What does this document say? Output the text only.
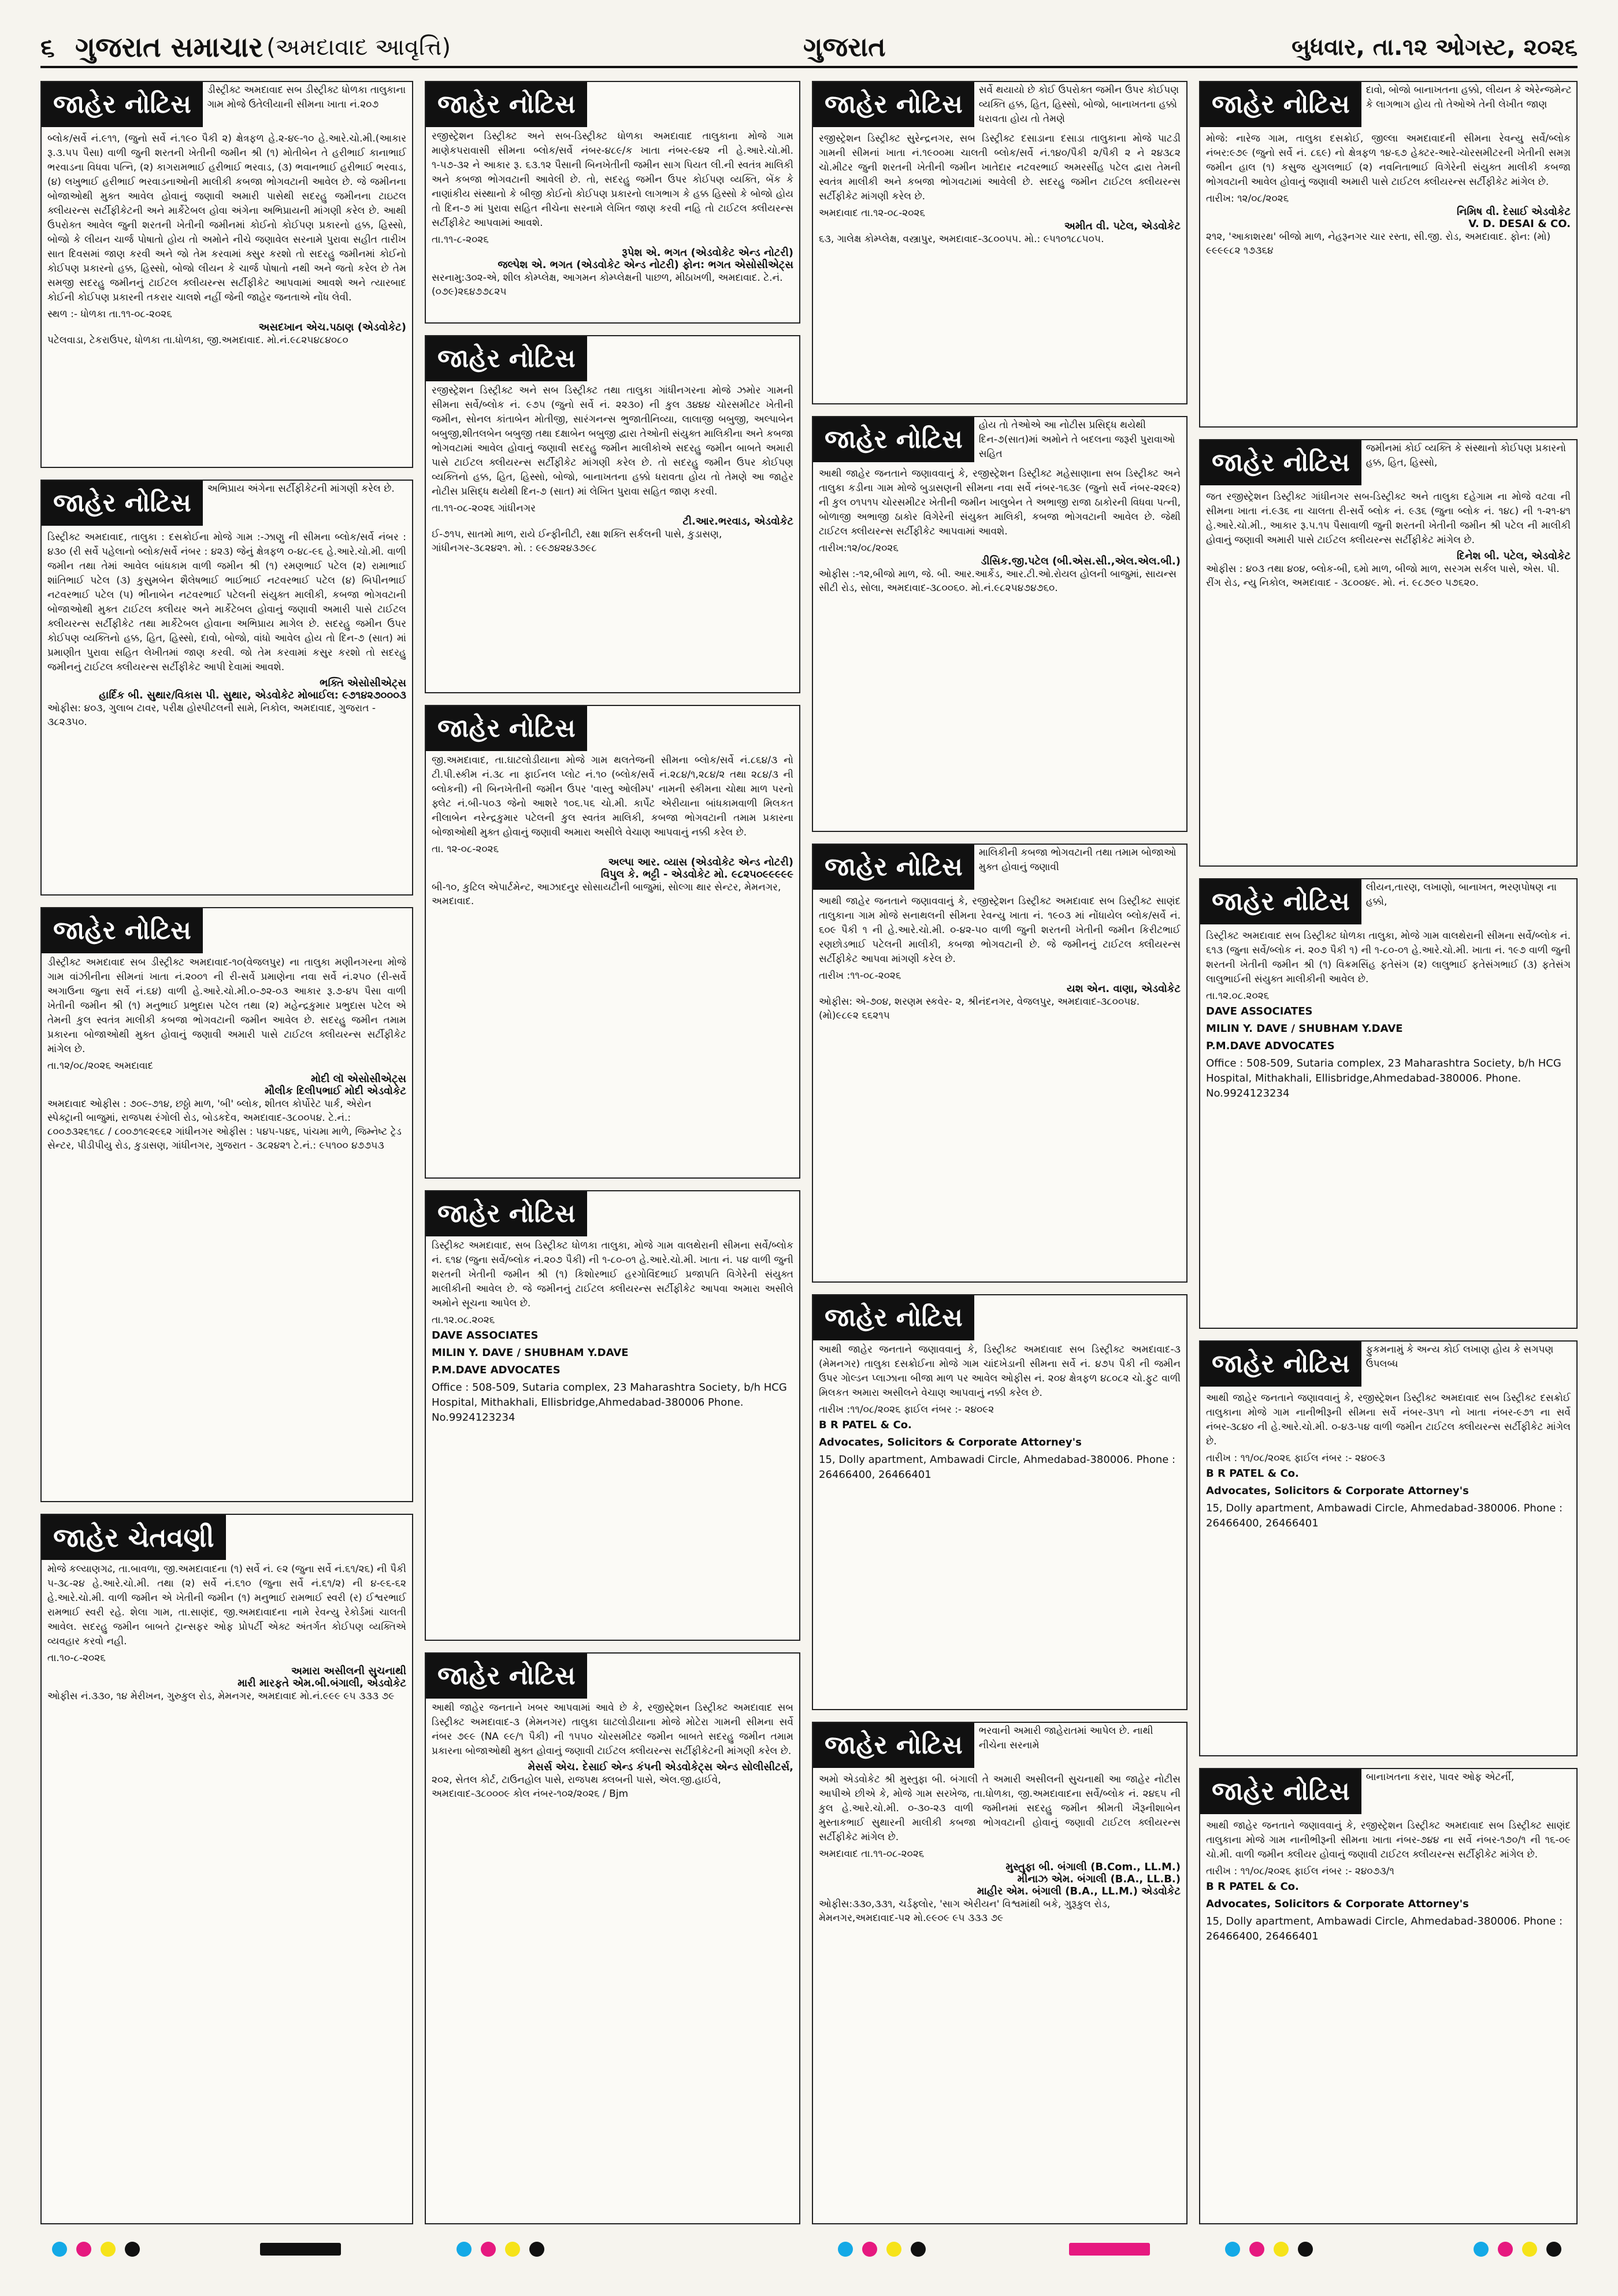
૬ ગુજરાત સમાચાર (અમદાવાદ આવૃત્તિ)	ગુજરાત	બુધવાર, તા.૧૨ ઓગસ્ટ, ૨૦૨૬
જાહેર નોટિસ	ડીસ્ટ્રીક્ટ અમદાવાદ સબ ડીસ્ટ્રીક્ટ ધોળકા તાલુકાના ગામ મોજે ઉતેલીયાની સીમના ખાતા નં.૨૦૭
બ્લોક/સર્વે નં.૯૧૧, (જુનો સર્વે નં.૧૯૦ પૈકી ૨) ક્ષેત્રફળ હે.૨-૪૯-૧૦ હે.આરે.ચો.મી.(આકાર રૂ.૩.૫૫ પૈસા) વાળી જુની શરતની ખેતીની જમીન શ્રી (૧) મોતીબેન તે હરીભાઈ કાનાભાઈ ભરવાડના વિધવા પત્નિ, (૨) કાગરામભાઈ હરીભાઈ ભરવાડ, (૩) ભવાનભાઈ હરીભાઈ ભરવાડ, (૪) લખુભાઈ હરીભાઈ ભરવાડનાઓની માલીકી કબજા ભોગવટાની આવેલ છે. જે જમીનના બોજાઓથી મુક્ત આવેલ હોવાનું જણાવી અમારી પાસેથી સદરહુ જમીનના ટાઇટલ ક્લીયરન્સ સર્ટીફીકેટની અને માર્કેટેબલ હોવા અંગેના અભિપ્રાયની માંગણી કરેલ છે. આથી ઉપરોક્ત આવેલ જુની શરતની ખેતીની જમીનમાં કોઈનો કોઈપણ પ્રકારનો હક્ક, હિસ્સો, બોજો કે લીયન ચાર્જ પોષાતો હોય તો અમોને નીચે જણાવેલ સરનામે પુરાવા સહીત તારીખ સાત દિવસમાં જાણ કરવી અને જો તેમ કરવામાં ક્સુર કરશો તો સદરહુ જમીનમાં કોઈનો કોઈપણ પ્રકારનો હક્ક, હિસ્સો, બોજો લીયન કે ચાર્જ પોષાતો નથી અને જતો કરેલ છે તેમ સમજી સદરહુ જમીનનું ટાઈટલ ક્લીયરન્સ સર્ટીફીકેટ આપવામાં આવશે અને ત્યારબાદ કોઈની કોઈપણ પ્રકારની તકરાર ચાલશે નહીં જેની જાહેર જનતાએ નોંધ લેવી.
સ્થળ :- ધોળકા તા.૧૧-૦૮-૨૦૨૬
અસદખાન એચ.પઠાણ (એડવોકેટ)
પટેલવાડા, ટેકરાઉપર, ધોળકા તા.ધોળકા, જી.અમદાવાદ. મો.નં.૯૮૨૫૪૮૪૦૮૦
જાહેર નોટિસ	અભિપ્રાય અંગેના સર્ટીફીકેટની માંગણી કરેલ છે.
ડિસ્ટ્રીક્ટ અમદાવાદ, તાલુકા : દસક્રોઈના મોજે ગામ :-ઝાણુ ની સીમના બ્લોક/સર્વે નંબર : ૪૩૦ (રી સર્વે પહેલાનો બ્લોક/સર્વે નંબર : ૪૨૩) જેનું ક્ષેત્રફળ ૦-૪૮-૯૬ હે.આરે.ચો.મી. વાળી જમીન તથા તેમાં આવેલ બાંધકામ વાળી જમીન શ્રી (૧) રમણભાઈ પટેલ (૨) રામાભાઈ શાંતિભાઈ પટેલ (૩) કુસુમબેન શૈલેષભાઈ ભાઈભાઈ નટવરભાઈ પટેલ (૪) બિપીનભાઈ નટવરભાઈ પટેલ (૫) ભીનાબેન નટવરભાઈ પટેલની સંયુક્ત માલીકી, કબજા ભોગવટાની બોજાઓથી મુક્ત ટાઈટલ ક્લીયર અને માર્કેટેબલ હોવાનું જણાવી અમારી પાસે ટાઈટલ ક્લીયરન્સ સર્ટીફીકેટ તથા માર્કેટેબલ હોવાના અભિપ્રાય માગેલ છે. સદરહુ જમીન ઉપર કોઈપણ વ્યક્તિનો હક્ક, હિત, હિસ્સો, દાવો, બોજો, વાંધો આવેલ હોય તો દિન-૭ (સાત) માં પ્રમાણીત પુરાવા સહિત લેખીતમાં જાણ કરવી. જો તેમ કરવામાં કસુર કરશો તો સદરહુ જમીનનું ટાઈટલ ક્લીયરન્સ સર્ટીફીકેટ આપી દેવામાં આવશે.
ભક્તિ એસોસીએટ્સ
હાર્દિક બી. સુથાર/વિકાસ પી. સુથાર, એડવોકેટ મોબાઈલ: ૯૭૧૪૨૭૦૦૦૩
ઓફીસ: ૪૦૩, ગુલાબ ટાવર, પરીક્ષ હોસ્પીટલની સામે, નિકોલ, અમદાવાદ, ગુજરાત - ૩૮૨૩૫૦.
જાહેર નોટિસ
ડીસ્ટ્રીક્ટ અમદાવાદ સબ ડીસ્ટ્રીક્ટ અમદાવાદ-૧૦(વેજલપુર) ના તાલુકા મણીનગરના મોજે ગામ વાંઝીનીના સીમનાં ખાતા નં.૨૦૦૧ ની રી-સર્વે પ્રમાણેના નવા સર્વે નં.૨૫૦ (રી-સર્વે અગાઉના જુના સર્વે નં.૬૪) વાળી હે.આરે.ચો.મી.૦-૭૨-૦૩ આકાર રૂ.૭-૪૫ પૈસા વાળી ખેતીની જમીન શ્રી (૧) મનુભાઈ પ્રભુદાસ પટેલ તથા (૨) મહેન્દ્રકુમાર પ્રભુદાસ પટેલ એ તેમની કુલ સ્વતંત્ર માલીકી કબજા ભોગવટાની જમીન આવેલ છે. સદરહુ જમીન તમામ પ્રકારના બોજાઓથી મુક્ત હોવાનું જણાવી અમારી પાસે ટાઈટલ ક્લીયરન્સ સર્ટીફીકેટ માંગેલ છે.
તા.૧૨/૦૮/૨૦૨૬ અમદાવાદ
મોદી લૉ એસોસીએટ્સ
મૌલીક દિલીપભાઈ મોદી એડવોકેટ
અમદાવાદ ઓફીસ : ૭૦૯-૭૧૪, છઠ્ઠો માળ, 'બી' બ્લોક, શીતલ કોર્પોરેટ પાર્ક, એરોન સ્પેક્ટ્રાની બાજુમાં, રાજપથ રંગોલી રોડ, બોડકદેવ, અમદાવાદ-૩૮૦૦૫૪. ટે.નં.: ૮૦૦૭૩૨૬૧૬૮ / ૮૦૦૭૧૯૨૯૬૨ ગાંધીનગર ઓફીસ : ૫૪૫-૫૪૬, પાંચમા માળે, જિમ્નેષ્ટ ટ્રેડ સેન્ટર, પીડીપીયુ રોડ, કુડાસણ, ગાંધીનગર, ગુજરાત - ૩૮૨૪૨૧ ટે.નં.: ૯૫૧૦૦ ૪૭૭૫૩
જાહેર ચેતવણી
મોજે કલ્યાણગઢ, તા.બાવળા, જી.અમદાવાદના (૧) સર્વે નં. ૯૨ (જુના સર્વે નં.૬૧/૨૬) ની પૈકી ૫-૩૮-૨૪ હે.આરે.ચો.મી. તથા (૨) સર્વે નં.૬૧૦ (જુના સર્વે નં.૬૧/૨) ની ૪-૯૬-૬૨ હે.આરે.ચો.મી. વાળી જમીન એ ખેતીની જમીન (૧) મનુભાઈ રામભાઈ સ્વરી (ર) ઈશ્વરભાઈ રામભાઈ સ્વરી રહે. શેલા ગામ, તા.સાણંદ, જી.અમદાવાદના નામે રેવન્યુ રેકોર્ડમાં ચાલતી આવેલ. સદરહુ જમીન બાબતે ટ્રાન્સફર ઓફ પ્રોપર્ટી એક્ટ અંતર્ગત કોઈપણ વ્યક્તિએ વ્યવહાર કરવો નહી.
તા.૧૦-૮-૨૦૨૬
અમારા અસીલની સુચનાથી
મારી મારફતે એમ.બી.બંગાલી, એડવોકેટ
ઓફીસ નં.૩૩૦, ૧૪ મેરીખન, ગુરુકુલ રોડ, મેમનગર, અમદાવાદ મો.નં.૯૯૯ ૯૫ ૩૩૩ ૭૯
જાહેર નોટિસ
રજીસ્ટ્રેશન ડિસ્ટ્રીક્ટ અને સબ-ડિસ્ટ્રીક્ટ ધોળકા અમદાવાદ તાલુકાના મોજે ગામ માણેકપરાવાસી સીમના બ્લોક/સર્વે નંબર-૪૮૯/ક ખાતા નંબર-૯૪૨ ની હે.આરે.ચો.મી. ૧-૫૭-૩૨ ને આકાર રૂ. ૬૩.૧૨ પૈસાની બિનખેતીની જમીન સાગ પિયત લી.ની સ્વતંત્ર માલિકી અને કબજા ભોગવટાની આવેલી છે. તો, સદરહુ જમીન ઉપર કોઈપણ વ્યક્તિ, બેંક કે નાણાંકીય સંસ્થાનો કે બીજી કોઈનો કોઈપણ પ્રકારનો લાગભાગ કે હક્ક હિસ્સો કે બોજો હોય તો દિન-૭ માં પુરાવા સહિત નીચેના સરનામે લેખિત જાણ કરવી નહિ તો ટાઈટલ ક્લીયરન્સ સર્ટીફીકેટ આપવામાં આવશે.
તા.૧૧-૮-૨૦૨૬
રૂપેશ એ. ભગત (એડવોકેટ એન્ડ નોટરી)
જલ્પેશ એ. ભગત (એડવોકેટ એન્ડ નોટરી) ફોન: ભગત એસોસીએટ્સ
સરનામુ:૩૦૨-એ, શીલ કોમ્પ્લેક્ષ, આગમન કોમ્પ્લેક્ષની પાછળ, મીઠાખળી, અમદાવાદ. ટે.નં.(૦૭૯)૨૬૪૭૭૮૨૫
જાહેર નોટિસ
રજીસ્ટ્રેશન ડિસ્ટ્રીક્ટ અને સબ ડિસ્ટ્રીક્ટ તથા તાલુકા ગાંધીનગરના મોજે ઝમોર ગામની સીમના સર્વે/બ્લોક નં. ૯૭૫ (જુનો સર્વે નં. ૨૨૩૦) ની કુલ ૩૪૪૪ ચોરસમીટર ખેતીની જમીન, સોનલ કાંતાબેન મોતીજી, સારંગનન્સ ભુજાતીનિવ્યા, લાલાજી બબુજી, અલ્પાબેન બબુજી,શીતલબેન બબુજી તથા દક્ષાબેન બબુજી દ્વારા તેઓની સંયુક્ત માલિકીના અને કબજા ભોગવટામાં આવેલ હોવાનું જણાવી સદરહુ જમીન માલીકોએ સદરહુ જમીન બાબતે અમારી પાસે ટાઈટલ ક્લીયરન્સ સર્ટીફીકેટ માંગણી કરેલ છે. તો સદરહુ જમીન ઉપર કોઈપણ વ્યક્તિનો હક્ક, હિત, હિસ્સો, બોજો, બાનાખતના હક્કો ધરાવતા હોય તો તેમણે આ જાહેર નોટીસ પ્રસિદ્ધ થયેથી દિન-૭ (સાત) માં લેખિત પુરાવા સહિત જાણ કરવી.
તા.૧૧-૦૮-૨૦૨૬ ગાંધીનગર
ટી.આર.ભરવાડ, એડવોકેટ
ઈ-૭૧૫, સાતમો માળ, રાયે ઈન્ફીનીટી, રક્ષા શક્તિ સર્કલની પાસે, કુડાસણ, ગાંધીનગર-૩૮૨૪૨૧. મો. : ૯૯૭૪૨૪૩૭૯૮
જાહેર નોટિસ
જી.અમદાવાદ, તા.ઘાટલોડીયાના મોજે ગામ થલતેજની સીમના બ્લોક/સર્વે નં.૮૬૪/૩ નો ટી.પી.સ્કીમ નં.૩૮ ના ફાઈનલ પ્લોટ નં.૧૦ (બ્લોક/સર્વે નં.૨૮૪/૧,૨૮૪/૨ તથા ૨૮૪/૩ ની બ્લોકની) ની બિનખેતીની જમીન ઉપર 'વાસ્તુ ઓલીમ્પ' નામની સ્કીમના ચોથા માળ પરનો ફ્લેટ નં.બી-૫૦૩ જેનો આશરે ૧૦૬.૫૬ ચો.મી. કાર્પેટ એરીયાના બાંધકામવાળી મિલકત નીલાબેન નરેન્દ્રકુમાર પટેલની કુલ સ્વતંત્ર માલિકી, કબજા ભોગવટાની તમામ પ્રકારના બોજાઓથી મુક્ત હોવાનું જણાવી અમારા અસીલે વેચાણ આપવાનું નક્કી કરેલ છે.
તા. ૧૨-૦૮-૨૦૨૬
અલ્પા આર. વ્યાસ (એડવોકેટ એન્ડ નોટરી)
વિપુલ કે. ભટ્ટી - એડવોકેટ મો. ૯૮૨૫૦૯૯૯૯૯
બી-૧૦, કુટિલ એપાર્ટમેન્ટ, આઝાદનુર સોસાયટીની બાજુમાં, સોલ્ગા થાર સેન્ટર, મેમનગર, અમદાવાદ.
જાહેર નોટિસ
ડિસ્ટ્રીક્ટ અમદાવાદ, સબ ડિસ્ટ્રીક્ટ ધોળકા તાલુકા, મોજે ગામ વાલથેરાની સીમના સર્વે/બ્લોક નં. ૬૧૪ (જુના સર્વે/બ્લોક નં.૨૦૭ પૈકી) ની ૧-૮૦-૦૧ હે.આરે.ચો.મી. ખાતા નં. ૫૪ વાળી જુની શરતની ખેતીની જમીન શ્રી (૧) કિશોરભાઈ હરગોવિંદભાઈ પ્રજાપતિ વિગેરેની સંયુક્ત માલીકીની આવેલ છે. જે જમીનનું ટાઈટલ ક્લીયરન્સ સર્ટીફીકેટ આપવા અમારા અસીલે અમોને સૂચના આપેલ છે.
તા.૧૨.૦૮.૨૦૨૬
DAVE ASSOCIATES
MILIN Y. DAVE / SHUBHAM Y.DAVE
P.M.DAVE ADVOCATES
Office : 508-509, Sutaria complex, 23 Maharashtra Society, b/h HCG Hospital, Mithakhali, Ellisbridge,Ahmedabad-380006 Phone. No.9924123234
જાહેર નોટિસ
આથી જાહેર જનતાને ખબર આપવામાં આવે છે કે, રજીસ્ટ્રેશન ડિસ્ટ્રીક્ટ અમદાવાદ સબ ડિસ્ટ્રીક્ટ અમદાવાદ-૩ (મેમનગર) તાલુકા ઘાટલોડીયાના મોજે મોટેરા ગામની સીમના સર્વે નંબર ૭૯૯ (NA ૯૯/૧ પૈકી) ની ૧૫૫૦ ચોરસમીટર જમીન બાબતે સદરહુ જમીન તમામ પ્રકારના બોજાઓથી મુક્ત હોવાનું જણાવી ટાઈટલ ક્લીયરન્સ સર્ટીફીકેટની માંગણી કરેલ છે.
મેસર્સ એચ. દેસાઈ એન્ડ કંપની એડવોકેટ્સ એન્ડ સોલીસીટર્સ,
૨૦૨, સેતલ કોર્ટ, ટાઉનહોલ પાસે, રાજપથ ક્લબની પાસે, એલ.જી.હાઈવે, અમદાવાદ-૩૮૦૦૦૯ કોલ નંબર-૧૦૨/૨૦૨૬ / Bjm
જાહેર નોટિસ	સર્વે થયાયો છે કોઈ ઉપરોક્ત જમીન ઉપર કોઈપણ વ્યક્તિ હક્ક, હિત, હિસ્સો, બોજો, બાનાખતના હક્કો ધરાવતા હોય તો તેમણે
રજીસ્ટ્રેશન ડિસ્ટ્રીક્ટ સુરેન્દ્રનગર, સબ ડિસ્ટ્રીક્ટ દસાડાના દસાડા તાલુકાના મોજે પાટડી ગામની સીમનાં ખાતા નં.૧૯૦૦મા ચાલતી બ્લોક/સર્વે નં.૧૪૦/પૈકી ૨/પૈકી ૨ ને ૨૪૩૮૨ ચો.મીટર જુની શરતની ખેતીની જમીન ખાતેદાર નટવરભાઈ અમરસીંહ પટેલ દ્વારા તેમની સ્વતંત્ર માલીકી અને કબજા ભોગવટામાં આવેલી છે. સદરહુ જમીન ટાઈટલ ક્લીયરન્સ સર્ટીફીકેટ માંગણી કરેલ છે.
અમદાવાદ તા.૧૨-૦૮-૨૦૨૬
અમીત વી. પટેલ, એડવોકેટ
૬૩, ગાલેક્ષ કોમ્પ્લેક્ષ, વસ્ત્રાપુર, અમદાવાદ-૩૮૦૦૫૫. મો.: ૯૫૧૦૧૮૮૫૦૫.
જાહેર નોટિસ	હોય તો તેઓએ આ નોટીસ પ્રસિદ્ધ થયેથી દિન-૭(સાત)માં અમોને તે બદલના જરૂરી પુરાવાઓ સહિત
આથી જાહેર જનતાને જણાવવાનું કે, રજીસ્ટ્રેશન ડિસ્ટ્રીક્ટ મહેસાણાના સબ ડિસ્ટ્રીક્ટ અને તાલુકા કડીના ગામ મોજે બુડાસણની સીમના નવા સર્વે નંબર-૧૬૩૯ (જુનો સર્વે નંબર-૨૨૯૨) ની કુલ ૦૧૫૧૫ ચોરસમીટર ખેતીની જમીન ખાલુબેન તે અભાજી રાજા ઠાકોરની વિધવા પત્ની, બોળાજી અભાજી ઠાકોર વિગેરેની સંયુક્ત માલિકી, કબજા ભોગવટાની આવેલ છે. જેથી ટાઈટલ ક્લીયરન્સ સર્ટીફીકેટ આપવામાં આવશે.
તારીખ:૧૨/૦૮/૨૦૨૬
ડીસિક.જી.પટેલ (બી.એસ.સી.,એલ.એલ.બી.)
ઓફીસ :-૧૨,બીજો માળ, જે. બી. આર.આર્કેડ, આર.ટી.ઓ.રોયલ હોલની બાજુમાં, સાયન્સ સીટી રોડ, સોલા, અમદાવાદ-૩૮૦૦૬૦. મો.નં.૯૮૨૫૪૭૪૭૬૦.
જાહેર નોટિસ	માલિકીની કબજા ભોગવટાની તથા તમામ બોજાઓ મુક્ત હોવાનું જણાવી
આથી જાહેર જનતાને જણાવવાનું કે, રજીસ્ટ્રેશન ડિસ્ટ્રીક્ટ અમદાવાદ સબ ડિસ્ટ્રીક્ટ સાણંદ તાલુકાના ગામ મોજે સનાથલની સીમના રેવન્યુ ખાતા નં. ૧૯૦૩ માં નોંધાયેલ બ્લોક/સર્વે નં. ૬૦૯ પૈકી ૧ ની હે.આરે.ચો.મી. ૦-૪૨-૫૦ વાળી જુની શરતની ખેતીની જમીન કિરીટભાઈ રણછોડભાઈ પટેલની માલીકી, કબજા ભોગવટાની છે. જે જમીનનું ટાઈટલ ક્લીયરન્સ સર્ટીફીકેટ આપવા માંગણી કરેલ છે.
તારીખ :૧૧-૦૮-૨૦૨૬
યશ એન. વાણા, એડવોકેટ
ઓફીસ: એ-૭૦૪, શરણમ સ્કવેર- ૨, શ્રીનંદનગર, વેજલપુર, અમદાવાદ-૩૮૦૦૫૪. (મો)૯૮૯૨ ૬૬૨૧૫
જાહેર નોટિસ
આથી જાહેર જનતાને જણાવવાનું કે, ડિસ્ટ્રીક્ટ અમદાવાદ સબ ડિસ્ટ્રીક્ટ અમદાવાદ-૩ (મેમનગર) તાલુકા દસક્રોઈના મોજે ગામ ચાંદખેડાની સીમના સર્વે નં. ૪૭૫ પૈકી ની જમીન ઉપર ગોલ્ડન પ્લાઝાના બીજા માળ પર આવેલ ઓફીસ નં. ૨૦૪ ક્ષેત્રફળ ૪૮૦૮૨ ચો.ફુટ વાળી મિલકત અમારા અસીલને વેચાણ આપવાનું નક્કી કરેલ છે.
તારીખ :૧૧/૦૮/૨૦૨૬ ફાઈલ નંબર :- ૨૪૦૯૨
B R PATEL & Co.
Advocates, Solicitors & Corporate Attorney's
15, Dolly apartment, Ambawadi Circle, Ahmedabad-380006. Phone : 26466400, 26466401
જાહેર નોટિસ	ભરવાની અમારી જાહેરાતમાં આપેલ છે. નાથી નીચેના સરનામે
અમો એડવોકેટ શ્રી મુસ્તુફા બી. બંગાલી તે અમારી અસીલની સુચનાથી આ જાહેર નોટીસ આપીએ છીએ કે, મોજે ગામ સરખેજ, તા.ધોળકા, જી.અમદાવાદના સર્વે/બ્લોક નં. ૨૪૬૫ ની કુલ હે.આરે.ચો.મી. ૦-૩૦-૨૩ વાળી જમીનમાં સદરહુ જમીન શ્રીમતી ખૈરૂનીશાબેન મુસ્તાકભાઈ સુથારની માલીકી કબજા ભોગવટાની હોવાનું જણાવી ટાઈટલ ક્લીયરન્સ સર્ટીફીકેટ માંગેલ છે.
અમદાવાદ તા.૧૧-૦૮-૨૦૨૬
મુસ્તુફા બી. બંગાલી (B.Com., LL.M.)
મીનાઝ એમ. બંગાલી (B.A., LL.B.)
માહીર એમ. બંગાલી (B.A., LL.M.) એડવોકેટ
ઓફીસ:૩૩૦,૩૩૧, ચર્ડફ્લોર, 'સાગ એરીયન' વિશ્વમાંથી બકે, ગુરૂકુલ રોડ, મેમનગર,અમદાવાદ-૫૨ મો.૯૯૦૯ ૯૫ ૩૩૩ ૭૯
જાહેર નોટિસ	દાવો, બોજો બાનાખતના હક્કો, લીયન કે એરેન્જમેન્ટ કે લાગભાગ હોય તો તેઓએ તેની લેખીત જાણ
મોજે: નારેજ ગામ, તાલુકા દસક્રોઈ, જીલ્લા અમદાવાદની સીમના રેવન્યુ સર્વે/બ્લોક નંબર:૯૭૯ (જુનો સર્વે નં. ૮૬૯) નો ક્ષેત્રફળ ૧૪-૬૭ હેક્ટર-આરે-ચોરસમીટરની ખેતીની સમગ્ર જમીન હાલ (૧) કસુજ યુગલભાઈ (૨) નવનિતાભાઈ વિગેરેની સંયુક્ત માલીકી કબજા ભોગવટાની આવેલ હોવાનું જણાવી અમારી પાસે ટાઈટલ ક્લીયરન્સ સર્ટીફીકેટ માંગેલ છે.
તારીખ: ૧૨/૦૮/૨૦૨૬
નિમિષ વી. દેસાઈ એડવોકેટ
V. D. DESAI & CO.
૨૧૨, 'આકાશરથ' બીજો માળ, નેહરૂનગર ચાર રસ્તા, સી.જી. રોડ, અમદાવાદ. ફોન: (મો) ૯૯૯૯૮૨ ૧૭૩૬૪
જાહેર નોટિસ	જમીનમાં કોઈ વ્યક્તિ કે સંસ્થાનો કોઈપણ પ્રકારનો હક્ક, હિત, હિસ્સો,
જત રજીસ્ટ્રેશન ડિસ્ટ્રીક્ટ ગાંધીનગર સબ-ડિસ્ટ્રીક્ટ અને તાલુકા દહેગામ ના મોજે વટવા ની સીમના ખાતા નં.૯૩૬ ના ચાલતા રી-સર્વે બ્લોક નં. ૯૩૬ (જુના બ્લોક નં. ૧૪૮) ની ૧-૨૧-૪૧ હે.આરે.ચો.મી., આકાર રૂ.૫.૧૫ પૈસાવાળી જુની શરતની ખેતીની જમીન શ્રી પટેલ ની માલીકી હોવાનું જણાવી અમારી પાસે ટાઈટલ ક્લીયરન્સ સર્ટીફીકેટ માંગેલ છે.
દિનેશ બી. પટેલ, એડવોકેટ
ઓફીસ : ૪૦૩ તથા ૪૦૪, બ્લોક-બી, ૬મો માળ, બીજો માળ, સરગમ સર્કલ પાસે, એસ. પી. રીંગ રોડ, ન્યુ નિકોલ, અમદાવાદ - ૩૮૦૦૪૯. મો. નં. ૯૮૭૯૦ ૫૭૬૨૦.
જાહેર નોટિસ	લીયન,તારણ, લખાણો, બાનાખત, ભરણપોષણ ના હક્કો,
ડિસ્ટ્રીક્ટ અમદાવાદ સબ ડિસ્ટ્રીક્ટ ધોળકા તાલુકા, મોજે ગામ વાલથેરાની સીમના સર્વે/બ્લોક નં. ૬૧૩ (જુના સર્વે/બ્લોક નં. ૨૦૭ પૈકી ૧) ની ૧-૮૦-૦૧ હે.આરે.ચો.મી. ખાતા નં. ૧૯૭ વાળી જુની શરતની ખેતીની જમીન શ્રી (૧) વિક્રમસિંહ ફતેસંગ (૨) લાલુભાઈ ફતેસંગભાઈ (૩) ફતેસંગ લાલુભાઈની સંયુક્ત માલીકીની આવેલ છે.
તા.૧૨.૦૮.૨૦૨૬
DAVE ASSOCIATES
MILIN Y. DAVE / SHUBHAM Y.DAVE
P.M.DAVE ADVOCATES
Office : 508-509, Sutaria complex, 23 Maharashtra Society, b/h HCG Hospital, Mithakhali, Ellisbridge,Ahmedabad-380006. Phone. No.9924123234
જાહેર નોટિસ	ફુકમનામું કે અન્ય કોઈ લખાણ હોય કે સગપણ ઉપલબ્ધ
આથી જાહેર જનતાને જણાવવાનું કે, રજીસ્ટ્રેશન ડિસ્ટ્રીક્ટ અમદાવાદ સબ ડિસ્ટ્રીક્ટ દસક્રોઈ તાલુકાના મોજે ગામ નાનીભીરૂની સીમના સર્વે નંબર-૩૫૧ નો ખાતા નંબર-૯૭૧ ના સર્વે નંબર-૩૮૪૦ ની હે.આરે.ચો.મી. ૦-૪૩-૫૪ વાળી જમીન ટાઈટલ ક્લીયરન્સ સર્ટીફીકેટ માંગેલ છે.
તારીખ : ૧૧/૦૮/૨૦૨૬ ફાઈલ નંબર :- ૨૪૦૯૩
B R PATEL & Co.
Advocates, Solicitors & Corporate Attorney's
15, Dolly apartment, Ambawadi Circle, Ahmedabad-380006. Phone : 26466400, 26466401
જાહેર નોટિસ	બાનાખતના કરાર, પાવર ઓફ એટર્ની,
આથી જાહેર જનતાને જણાવવાનું કે, રજીસ્ટ્રેશન ડિસ્ટ્રીક્ટ અમદાવાદ સબ ડિસ્ટ્રીક્ટ સાણંદ તાલુકાના મોજે ગામ નાનીભીરૂની સીમના ખાતા નંબર-૭૪૪ ના સર્વે નંબર-૧૭૦/૧ ની ૧૬-૦૯ ચો.મી. વાળી જમીન ક્લીયર હોવાનું જણાવી ટાઈટલ ક્લીયરન્સ સર્ટીફીકેટ માંગેલ છે.
તારીખ : ૧૧/૦૮/૨૦૨૬ ફાઈલ નંબર :- ૨૪૦૭૩/૧
B R PATEL & Co.
Advocates, Solicitors & Corporate Attorney's
15, Dolly apartment, Ambawadi Circle, Ahmedabad-380006. Phone : 26466400, 26466401
